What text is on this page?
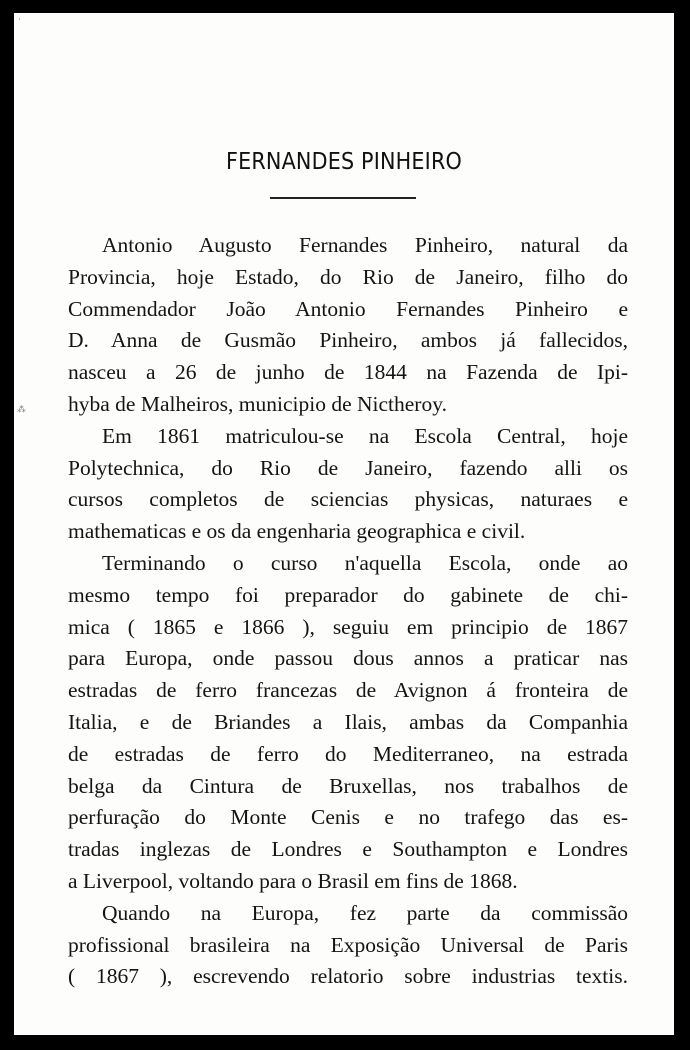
·
⁂
FERNANDES PINHEIRO
Antonio Augusto Fernandes Pinheiro, natural da
Provincia, hoje Estado, do Rio de Janeiro, filho do
Commendador João Antonio Fernandes Pinheiro e
D. Anna de Gusmão Pinheiro, ambos já fallecidos,
nasceu a 26 de junho de 1844 na Fazenda de Ipi-
hyba de Malheiros, municipio de Nictheroy.
Em 1861 matriculou-se na Escola Central, hoje
Polytechnica, do Rio de Janeiro, fazendo alli os
cursos completos de sciencias physicas, naturaes e
mathematicas e os da engenharia geographica e civil.
Terminando o curso n'aquella Escola, onde ao
mesmo tempo foi preparador do gabinete de chi-
mica ( 1865 e 1866 ), seguiu em principio de 1867
para Europa, onde passou dous annos a praticar nas
estradas de ferro francezas de Avignon á fronteira de
Italia, e de Briandes a Ilais, ambas da Companhia
de estradas de ferro do Mediterraneo, na estrada
belga da Cintura de Bruxellas, nos trabalhos de
perfuração do Monte Cenis e no trafego das es-
tradas inglezas de Londres e Southampton e Londres
a Liverpool, voltando para o Brasil em fins de 1868.
Quando na Europa, fez parte da commissão
profissional brasileira na Exposição Universal de Paris
( 1867 ), escrevendo relatorio sobre industrias textis.
